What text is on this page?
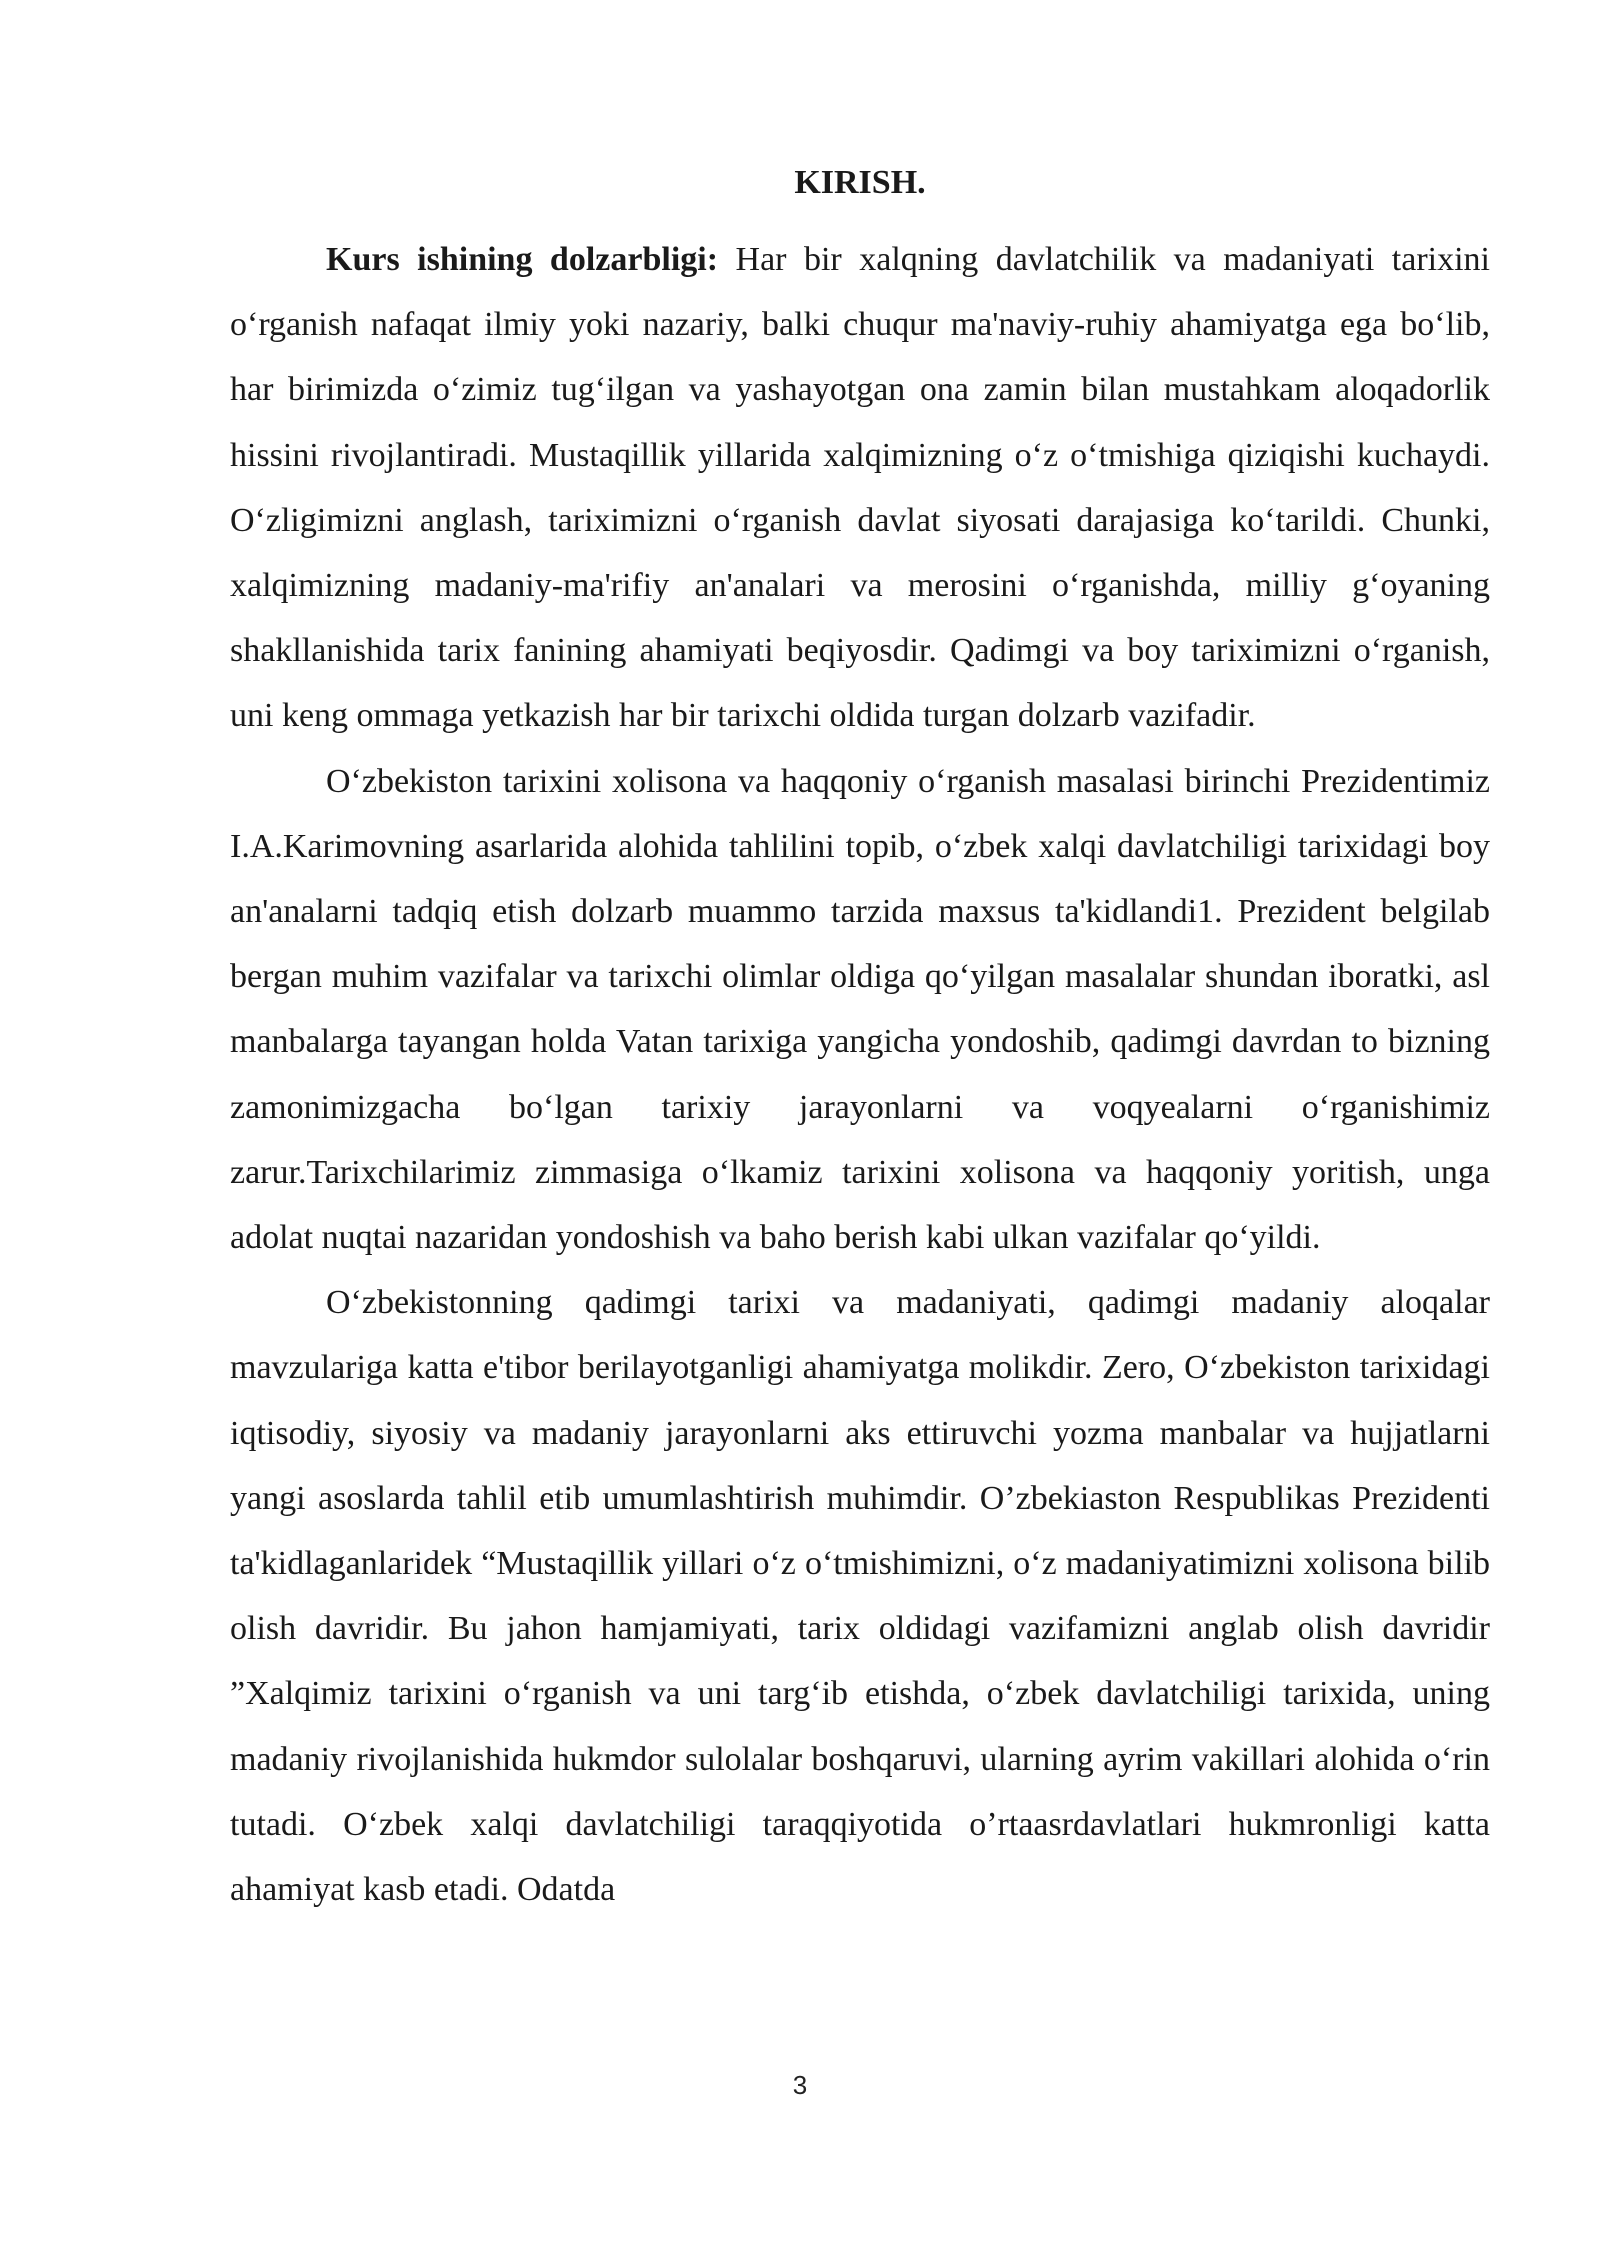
KIRISH.

Kurs ishining dolzarbligi: Har bir xalqning davlatchilik va madaniyati tarixini o‘rganish nafaqat ilmiy yoki nazariy, balki chuqur ma'naviy-ruhiy ahamiyatga ega bo‘lib, har birimizda o‘zimiz tug‘ilgan va yashayotgan ona zamin bilan mustahkam aloqadorlik hissini rivojlantiradi. Mustaqillik yillarida xalqimizning o‘z o‘tmishiga qiziqishi kuchaydi. O‘zligimizni anglash, tariximizni o‘rganish davlat siyosati darajasiga ko‘tarildi. Chunki, xalqimizning madaniy-ma'rifiy an'analari va merosini o‘rganishda, milliy g‘oyaning shakllanishida tarix fanining ahamiyati beqiyosdir. Qadimgi va boy tariximizni o‘rganish, uni keng ommaga yetkazish har bir tarixchi oldida turgan dolzarb vazifadir.

O‘zbekiston tarixini xolisona va haqqoniy o‘rganish masalasi birinchi Prezidentimiz I.A.Karimovning asarlarida alohida tahlilini topib, o‘zbek xalqi davlatchiligi tarixidagi boy an'analarni tadqiq etish dolzarb muammo tarzida maxsus ta'kidlandi1. Prezident belgilab bergan muhim vazifalar va tarixchi olimlar oldiga qo‘yilgan masalalar shundan iboratki, asl manbalarga tayangan holda Vatan tarixiga yangicha yondoshib, qadimgi davrdan to bizning zamonimizgacha bo‘lgan tarixiy jarayonlarni va voqyealarni o‘rganishimiz zarur.Tarixchilarimiz zimmasiga o‘lkamiz tarixini xolisona va haqqoniy yoritish, unga adolat nuqtai nazaridan yondoshish va baho berish kabi ulkan vazifalar qo‘yildi.

O‘zbekistonning qadimgi tarixi va madaniyati, qadimgi madaniy aloqalar mavzulariga katta e'tibor berilayotganligi ahamiyatga molikdir. Zero, O‘zbekiston tarixidagi iqtisodiy, siyosiy va madaniy jarayonlarni aks ettiruvchi yozma manbalar va hujjatlarni yangi asoslarda tahlil etib umumlashtirish muhimdir. O’zbekiaston Respublikas Prezidenti ta'kidlaganlaridek “Mustaqillik yillari o‘z o‘tmishimizni, o‘z madaniyatimizni xolisona bilib olish davridir. Bu jahon hamjamiyati, tarix oldidagi vazifamizni anglab olish davridir ”Xalqimiz tarixini o‘rganish va uni targ‘ib etishda, o‘zbek davlatchiligi tarixida, uning madaniy rivojlanishida hukmdor sulolalar boshqaruvi, ularning ayrim vakillari alohida o‘rin tutadi. O‘zbek xalqi davlatchiligi taraqqiyotida o’rtaasrdavlatlari hukmronligi katta ahamiyat kasb etadi. Odatda

3
